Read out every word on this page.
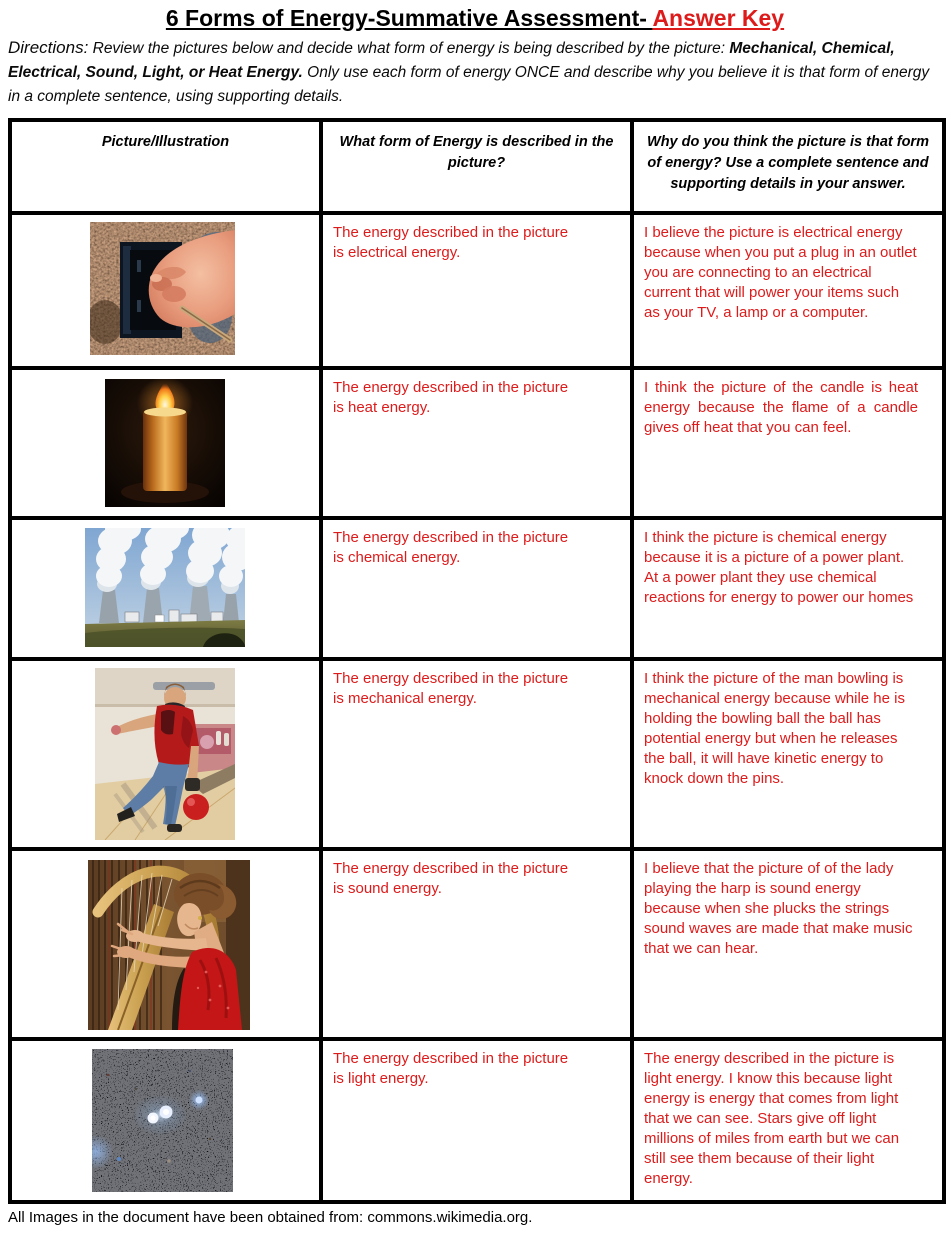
6 Forms of Energy-Summative Assessment- Answer Key

Directions: Review the pictures below and decide what form of energy is being described by the picture: Mechanical, Chemical, Electrical, Sound, Light, or Heat Energy. Only use each form of energy ONCE and describe why you believe it is that form of energy in a complete sentence, using supporting details.

Picture/Illustration	What form of Energy is described in the picture?	Why do you think the picture is that form of energy? Use a complete sentence and supporting details in your answer.

The energy described in the picture is electrical energy.	I believe the picture is electrical energy because when you put a plug in an outlet you are connecting to an electrical current that will power your items such as your TV, a lamp or a computer.

The energy described in the picture is heat energy.	I think the picture of the candle is heat energy because the flame of a candle gives off heat that you can feel.

The energy described in the picture is chemical energy.	I think the picture is chemical energy because it is a picture of a power plant. At a power plant they use chemical reactions for energy to power our homes

The energy described in the picture is mechanical energy.	I think the picture of the man bowling is mechanical energy because while he is holding the bowling ball the ball has potential energy but when he releases the ball, it will have kinetic energy to knock down the pins.

The energy described in the picture is sound energy.	I believe that the picture of of the lady playing the harp is sound energy because when she plucks the strings sound waves are made that make music that we can hear.

The energy described in the picture is light energy.	The energy described in the picture is light energy. I know this because light energy is energy that comes from light that we can see. Stars give off light millions of miles from earth but we can still see them because of their light energy.

All Images in the document have been obtained from: commons.wikimedia.org.
